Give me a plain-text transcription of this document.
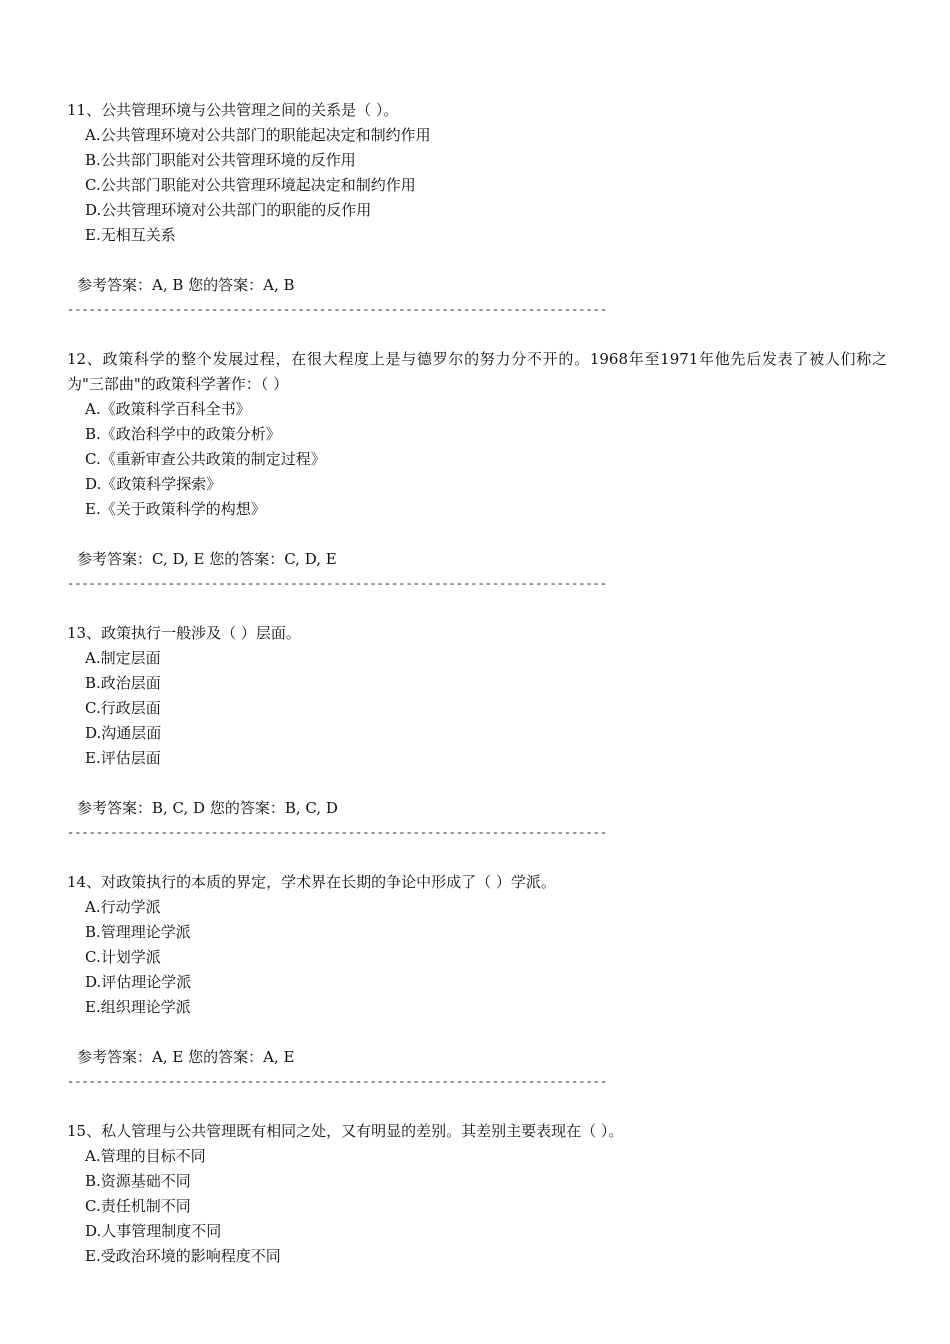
11、公共管理环境与公共管理之间的关系是（ ）。

A.公共管理环境对公共部门的职能起决定和制约作用

B.公共部门职能对公共管理环境的反作用

C.公共部门职能对公共管理环境起决定和制约作用

D.公共管理环境对公共部门的职能的反作用

E.无相互关系

参考答案：A, B 您的答案：A, B
---------------------------------------------------------------------------

12、政策科学的整个发展过程，在很大程度上是与德罗尔的努力分不开的。1968年至1971年他先后发表了被人们称之为"三部曲"的政策科学著作：（ ）

A.《政策科学百科全书》

B.《政治科学中的政策分析》

C.《重新审查公共政策的制定过程》

D.《政策科学探索》

E.《关于政策科学的构想》

参考答案：C, D, E 您的答案：C, D, E
---------------------------------------------------------------------------

13、政策执行一般涉及（ ）层面。

A.制定层面

B.政治层面

C.行政层面

D.沟通层面

E.评估层面

参考答案：B, C, D 您的答案：B, C, D
---------------------------------------------------------------------------

14、对政策执行的本质的界定，学术界在长期的争论中形成了（ ）学派。

A.行动学派

B.管理理论学派

C.计划学派

D.评估理论学派

E.组织理论学派

参考答案：A, E 您的答案：A, E
---------------------------------------------------------------------------

15、私人管理与公共管理既有相同之处，又有明显的差别。其差别主要表现在（ ）。

A.管理的目标不同

B.资源基础不同

C.责任机制不同

D.人事管理制度不同

E.受政治环境的影响程度不同
